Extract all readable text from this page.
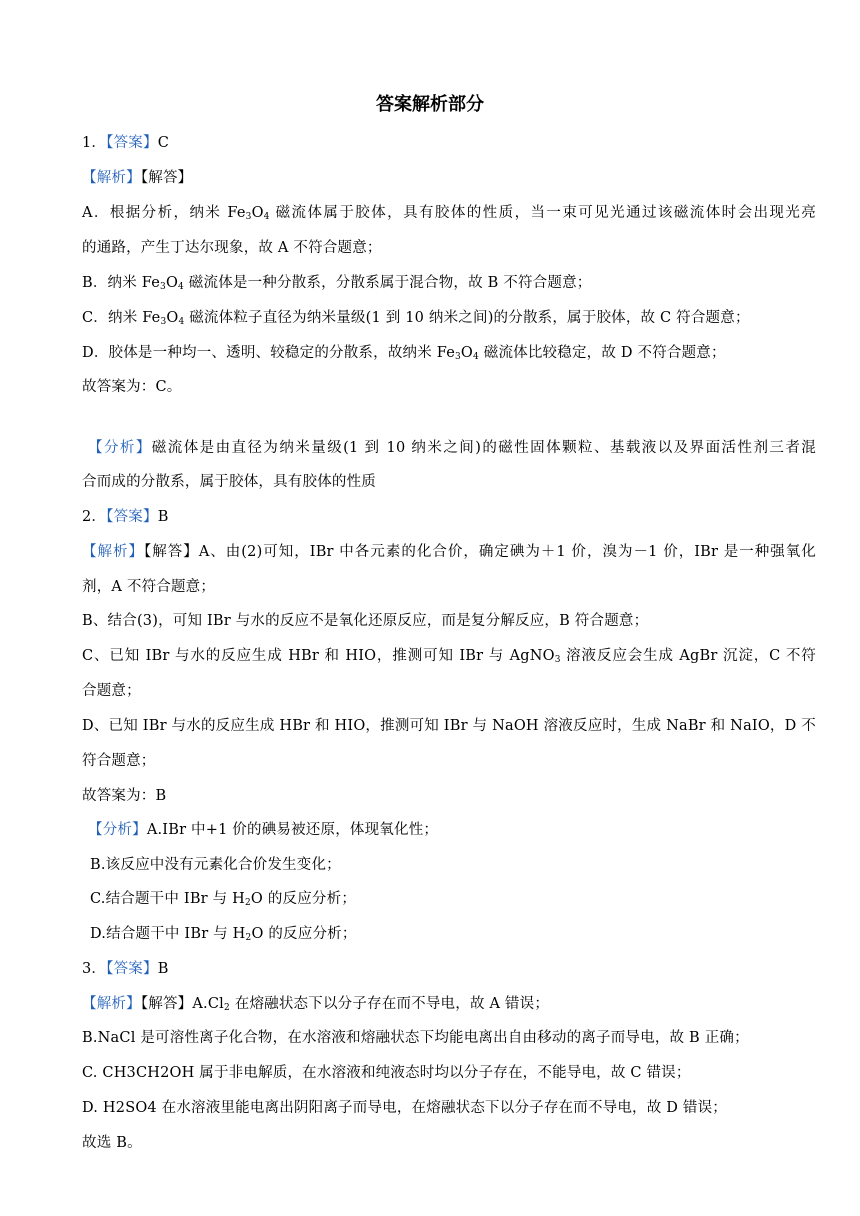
答案解析部分
1．【答案】C
【解析】【解答】
A．根据分析，纳米 $Fe_3O_4$ 磁流体属于胶体，具有胶体的性质，当一束可见光通过该磁流体时会出现光亮
的通路，产生丁达尔现象，故 A 不符合题意；
B．纳米 $Fe_3O_4$ 磁流体是一种分散系，分散系属于混合物，故 B 不符合题意；
C．纳米 $Fe_3O_4$ 磁流体粒子直径为纳米量级(1 到 10 纳米之间)的分散系，属于胶体，故 C 符合题意；
D．胶体是一种均一、透明、较稳定的分散系，故纳米 $Fe_3O_4$ 磁流体比较稳定，故 D 不符合题意；
故答案为：C。
【分析】磁流体是由直径为纳米量级(1 到 10 纳米之间)的磁性固体颗粒、基载液以及界面活性剂三者混
合而成的分散系，属于胶体，具有胶体的性质
2．【答案】B
【解析】【解答】A、由(2)可知，IBr 中各元素的化合价，确定碘为＋1 价，溴为－1 价，IBr 是一种强氧化
剂，A 不符合题意；
B、结合(3)，可知 IBr 与水的反应不是氧化还原反应，而是复分解反应，B 符合题意；
C、已知 IBr 与水的反应生成 HBr 和 HIO，推测可知 IBr 与 AgNO$_3$ 溶液反应会生成 AgBr 沉淀，C 不符
合题意；
D、已知 IBr 与水的反应生成 HBr 和 HIO，推测可知 IBr 与 NaOH 溶液反应时，生成 NaBr 和 NaIO，D 不
符合题意；
故答案为：B
【分析】A.IBr 中+1 价的碘易被还原，体现氧化性；
B.该反应中没有元素化合价发生变化；
C.结合题干中 IBr 与 $H_2O$ 的反应分析；
D.结合题干中 IBr 与 $H_2O$ 的反应分析；
3．【答案】B
【解析】【解答】$A.Cl_2$ 在熔融状态下以分子存在而不导电，故 A 错误；
B.NaCl 是可溶性离子化合物，在水溶液和熔融状态下均能电离出自由移动的离子而导电，故 B 正确；
C. CH3CH2OH 属于非电解质，在水溶液和纯液态时均以分子存在，不能导电，故 C 错误；
D. H2SO4 在水溶液里能电离出阴阳离子而导电，在熔融状态下以分子存在而不导电，故 D 错误；
故选 B。
